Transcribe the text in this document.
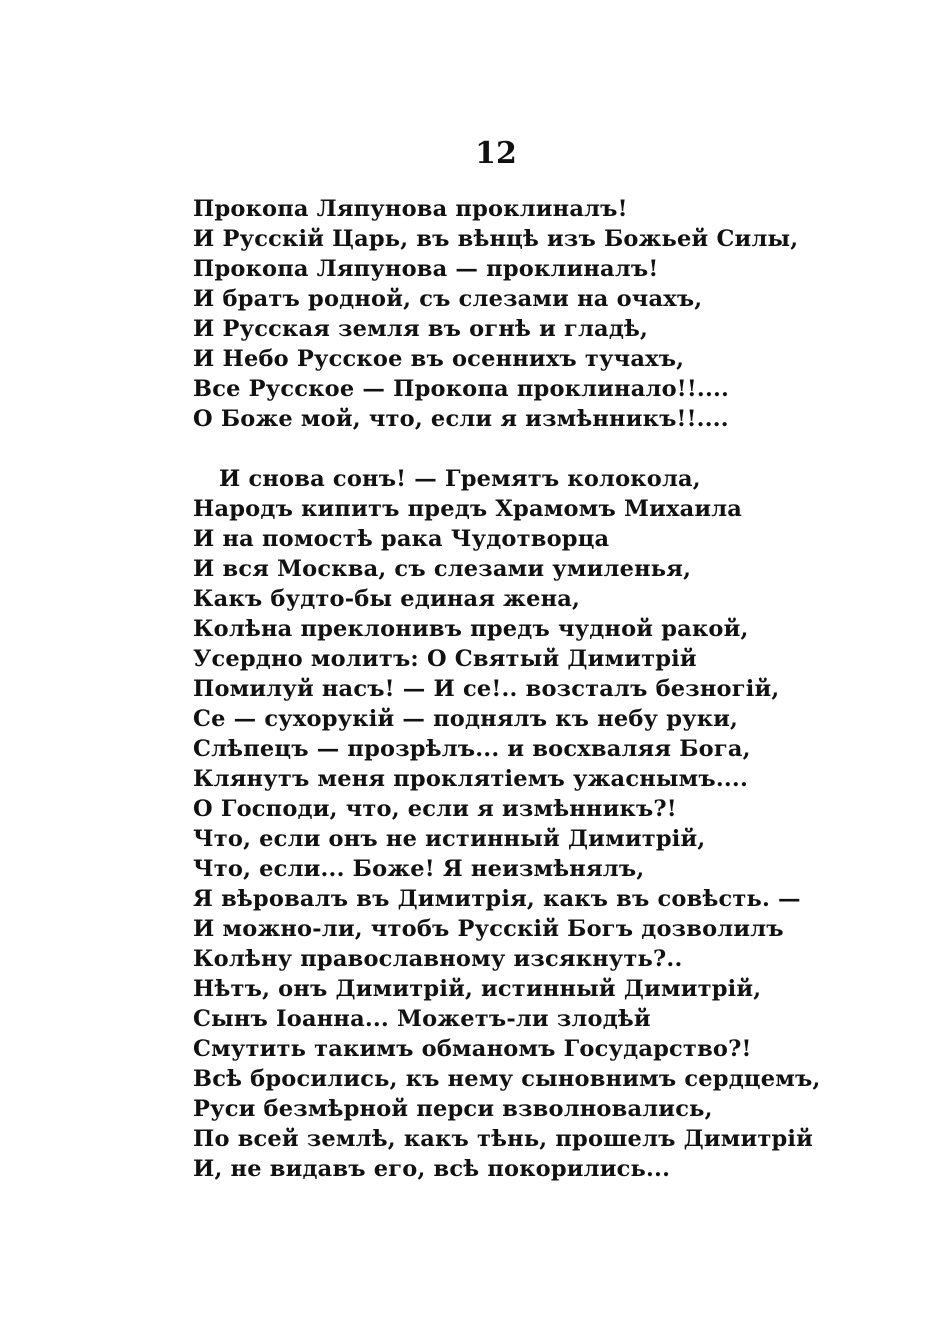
12
Прокопа Ляпунова проклиналъ!
И Русскій Царь, въ вѣнцѣ изъ Божьей Силы,
Прокопа Ляпунова — проклиналъ!
И братъ родной, съ слезами на очахъ,
И Русская земля въ огнѣ и гладѣ,
И Небо Русское въ осеннихъ тучахъ,
Все Русское — Прокопа проклинало!!....
О Боже мой, что, если я измѣнникъ!!....
И снова сонъ! — Гремятъ колокола,
Народъ кипитъ предъ Храмомъ Михаила
И на помостѣ рака Чудотворца
И вся Москва, съ слезами умиленья,
Какъ будто-бы единая жена,
Колѣна преклонивъ предъ чудной ракой,
Усердно молитъ: О Святый Димитрій
Помилуй насъ! — И се!.. возсталъ безногій,
Се — сухорукій — поднялъ къ небу руки,
Слѣпецъ — прозрѣлъ... и восхваляя Бога,
Клянутъ меня проклятіемъ ужаснымъ....
О Господи, что, если я измѣнникъ?!
Что, если онъ не истинный Димитрій,
Что, если... Боже! Я неизмѣнялъ,
Я вѣровалъ въ Димитрія, какъ въ совѣсть. —
И можно-ли, чтобъ Русскій Богъ дозволилъ
Колѣну православному изсякнуть?..
Нѣтъ, онъ Димитрій, истинный Димитрій,
Сынъ Іоанна... Можетъ-ли злодѣй
Смутить такимъ обманомъ Государство?!
Всѣ бросились, къ нему сыновнимъ сердцемъ,
Руси безмѣрной перси взволновались,
По всей землѣ, какъ тѣнь, прошелъ Димитрій
И, не видавъ его, всѣ покорились...
